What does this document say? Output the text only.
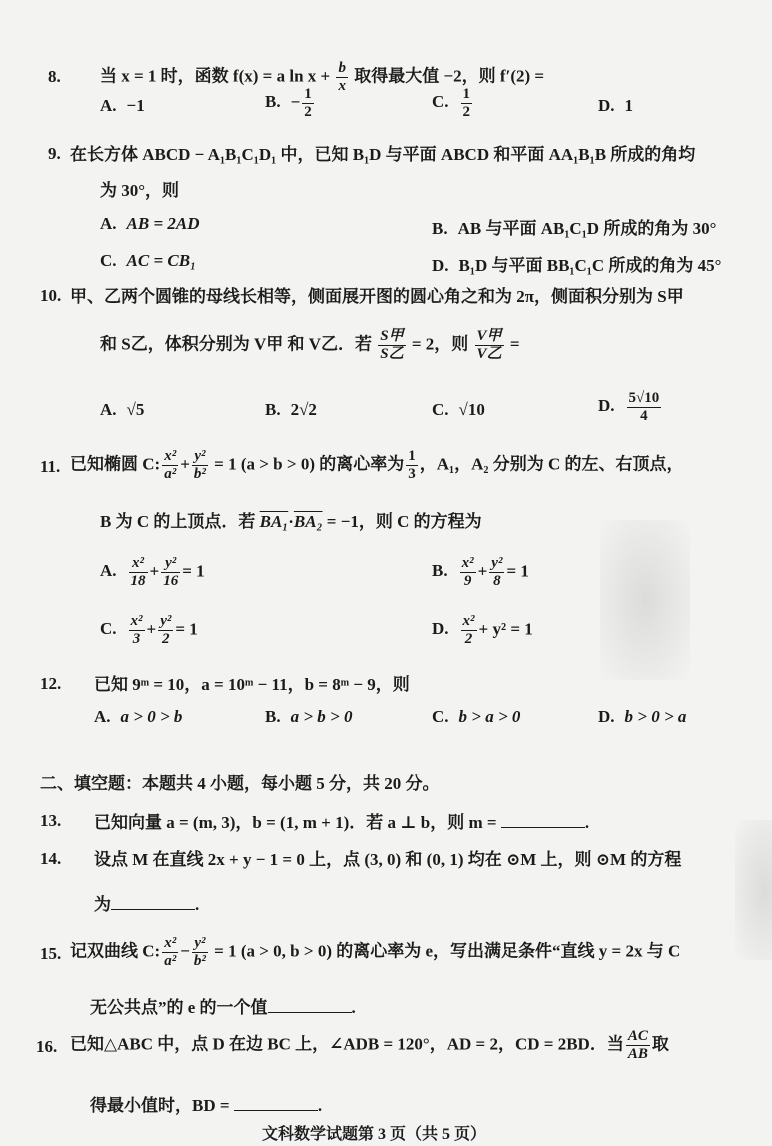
8. 当 x = 1 时，函数 f(x) = a $\ln x + \frac{b}{x}$ 取得最大值 −2，则 f′(2) =
A. −1	B. − $\frac{1}{2}$	C. $\frac{1}{2}$	D. 1
9. 在长方体 ABCD − A₁B₁C₁D₁ 中，已知 B₁D 与平面 ABCD 和平面 AA₁B₁B 所成的角均
为 30°，则
A. AB = 2AD	B. AB 与平面 AB₁C₁D 所成的角为 30°
C. AC = CB₁	D. B₁D 与平面 BB₁C₁C 所成的角为 45°
10. 甲、乙两个圆锥的母线长相等，侧面展开图的圆心角之和为 2π，侧面积分别为 S甲
和 S乙，体积分别为 V甲 和 V乙．若 $\frac{\text{S甲}}{\text{S乙}} = 2$，则 $\frac{\text{V甲}}{\text{V乙}}$ =
A. √5	B. 2√2	C. √10	D. $\frac{5√10}{4}$
11. 已知椭圆 C: $\frac{\text{x²}}{\text{a²}} + \frac{\text{y²}}{\text{b²}} = 1$ (a > b > 0) 的离心率为 $\frac{1}{3}$ ，A₁，A₂ 分别为 C 的左、右顶点，
B 为 C 的上顶点．若 BA₁·BA₂ = −1，则 C 的方程为
A. $\frac{\text{x²}}{18} + \frac{\text{y²}}{16} = 1$	B. $\frac{\text{x²}}{9} + \frac{\text{y²}}{8} = 1$
C. $\frac{\text{x²}}{3} + \frac{\text{y²}}{2} = 1$	D. $\frac{\text{x²}}{2} + y^2 = 1$
12. 已知 9ᵐ = 10，a = 10ᵐ − 11，b = 8ᵐ − 9，则
A. a > 0 > b	B. a > b > 0	C. b > a > 0	D. b > 0 > a
二、填空题：本题共 4 小题，每小题 5 分，共 20 分。
13. 已知向量 a = (m, 3)，b = (1, m + 1)．若 a ⊥ b，则 m =	.
14. 设点 M 在直线 2x + y − 1 = 0 上，点 (3, 0) 和 (0, 1) 均在 ⊙M 上，则 ⊙M 的方程
为	.
15. 记双曲线 C: $\frac{\text{x²}}{\text{a²}} - \frac{\text{y²}}{\text{b²}} = 1$ (a > 0, b > 0) 的离心率为 e，写出满足条件“直线 y = 2x 与 C
无公共点”的 e 的一个值	.
16. 已知△ABC 中，点 D 在边 BC 上，∠ADB = 120°，AD = 2，CD = 2BD．当 $\frac{AC}{AB}$ 取
得最小值时，BD =	.
文科数学试题第 3 页（共 5 页）
